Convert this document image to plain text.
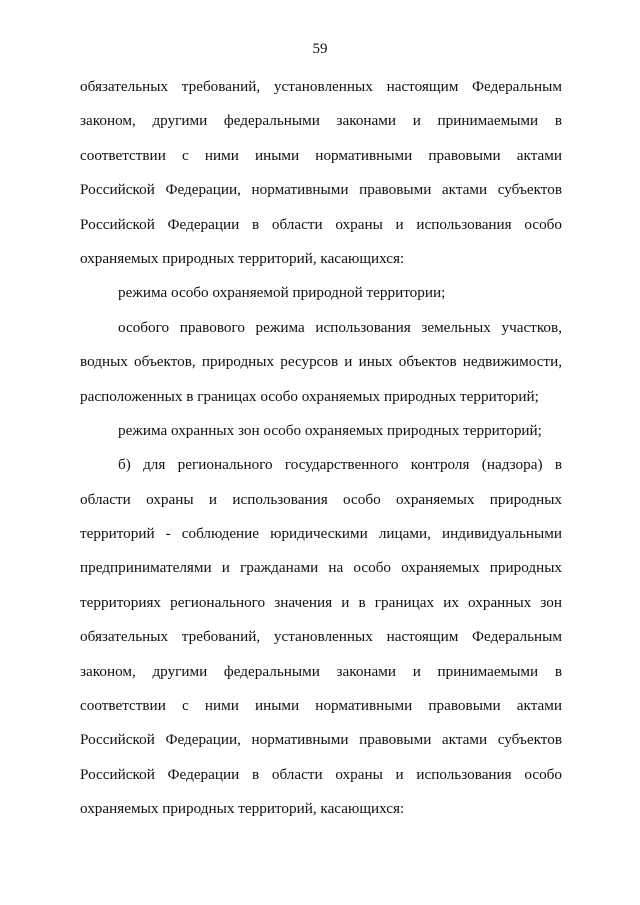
59
обязательных требований, установленных настоящим Федеральным
законом, другими федеральными законами и принимаемыми в
соответствии с ними иными нормативными правовыми актами
Российской Федерации, нормативными правовыми актами субъектов
Российской Федерации в области охраны и использования особо
охраняемых природных территорий, касающихся:
режима особо охраняемой природной территории;
особого правового режима использования земельных участков,
водных объектов, природных ресурсов и иных объектов недвижимости,
расположенных в границах особо охраняемых природных территорий;
режима охранных зон особо охраняемых природных территорий;
б) для регионального государственного контроля (надзора) в
области охраны и использования особо охраняемых природных
территорий - соблюдение юридическими лицами, индивидуальными
предпринимателями и гражданами на особо охраняемых природных
территориях регионального значения и в границах их охранных зон
обязательных требований, установленных настоящим Федеральным
законом, другими федеральными законами и принимаемыми в
соответствии с ними иными нормативными правовыми актами
Российской Федерации, нормативными правовыми актами субъектов
Российской Федерации в области охраны и использования особо
охраняемых природных территорий, касающихся:
